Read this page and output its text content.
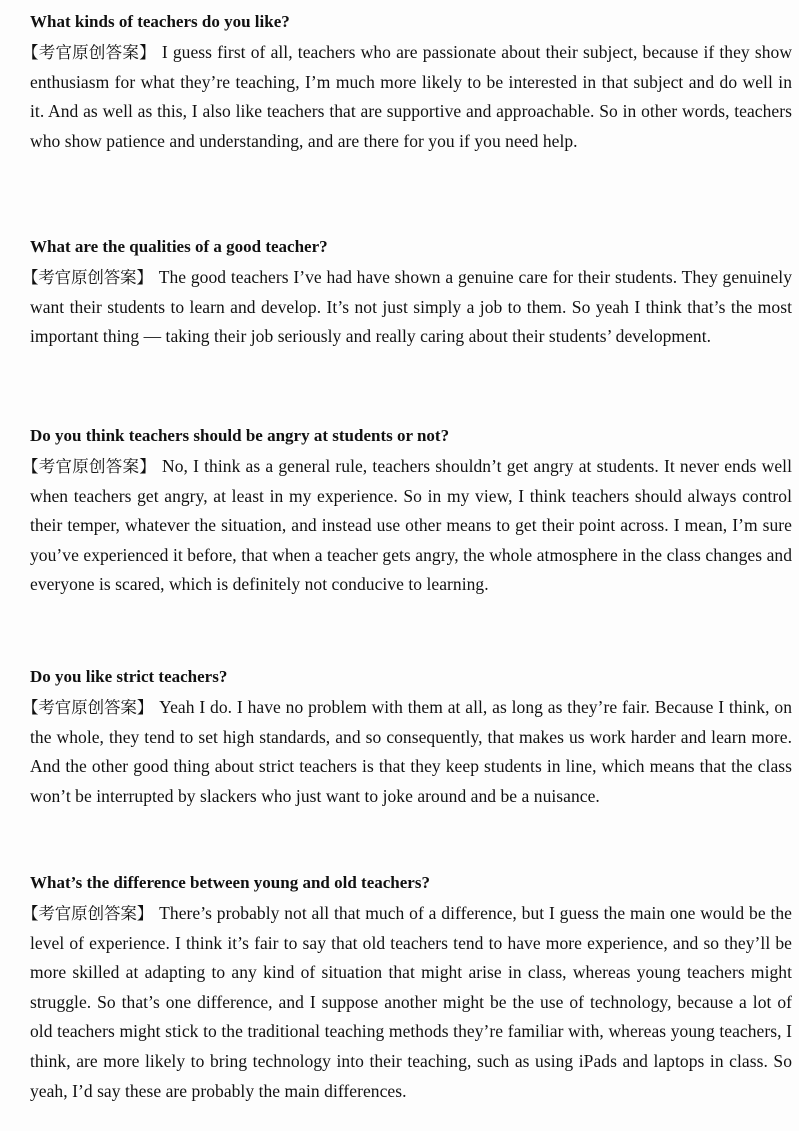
What kinds of teachers do you like?

【考官原创答案】 I guess first of all, teachers who are passionate about their subject, because if they show enthusiasm for what they’re teaching, I’m much more likely to be interested in that subject and do well in it. And as well as this, I also like teachers that are supportive and approachable. So in other words, teachers who show patience and understanding, and are there for you if you need help.

What are the qualities of a good teacher?

【考官原创答案】 The good teachers I’ve had have shown a genuine care for their students. They genuinely want their students to learn and develop. It’s not just simply a job to them. So yeah I think that’s the most important thing — taking their job seriously and really caring about their students’ development.

Do you think teachers should be angry at students or not?

【考官原创答案】 No, I think as a general rule, teachers shouldn’t get angry at students. It never ends well when teachers get angry, at least in my experience. So in my view, I think teachers should always control their temper, whatever the situation, and instead use other means to get their point across. I mean, I’m sure you’ve experienced it before, that when a teacher gets angry, the whole atmosphere in the class changes and everyone is scared, which is definitely not conducive to learning.

Do you like strict teachers?

【考官原创答案】 Yeah I do. I have no problem with them at all, as long as they’re fair. Because I think, on the whole, they tend to set high standards, and so consequently, that makes us work harder and learn more. And the other good thing about strict teachers is that they keep students in line, which means that the class won’t be interrupted by slackers who just want to joke around and be a nuisance.

What’s the difference between young and old teachers?

【考官原创答案】 There’s probably not all that much of a difference, but I guess the main one would be the level of experience. I think it’s fair to say that old teachers tend to have more experience, and so they’ll be more skilled at adapting to any kind of situation that might arise in class, whereas young teachers might struggle. So that’s one difference, and I suppose another might be the use of technology, because a lot of old teachers might stick to the traditional teaching methods they’re familiar with, whereas young teachers, I think, are more likely to bring technology into their teaching, such as using iPads and laptops in class. So yeah, I’d say these are probably the main differences.
